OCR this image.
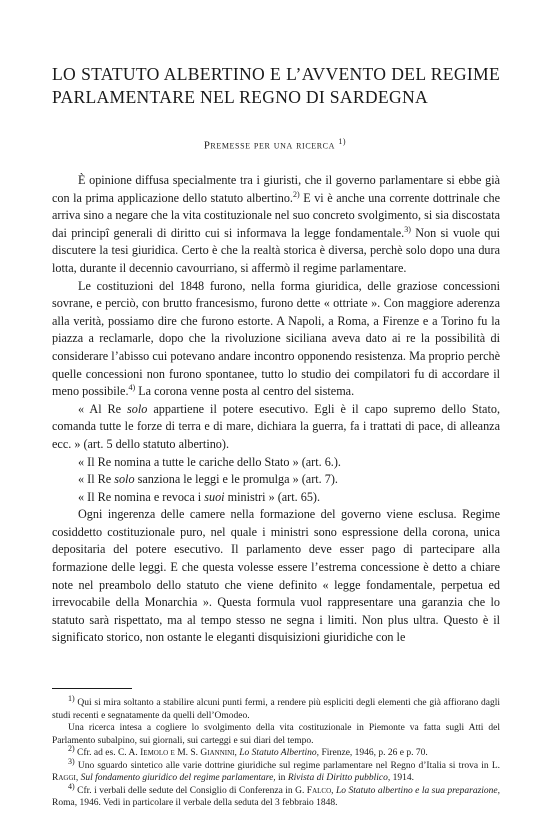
LO STATUTO ALBERTINO E L’AVVENTO DEL REGIME PARLAMENTARE NEL REGNO DI SARDEGNA
Premesse per una ricerca $^{1)}$

È opinione diffusa specialmente tra i giuristi, che il governo parlamentare si ebbe già con la prima applicazione dello statuto albertino.$^{2)}$ E vi è anche una corrente dottrinale che arriva sino a negare che la vita costituzionale nel suo concreto svolgimento, si sia discostata dai principî generali di diritto cui si informava la legge fondamentale.$^{3)}$ Non si vuole qui discutere la tesi giuridica. Certo è che la realtà storica è diversa, perchè solo dopo una dura lotta, durante il decennio cavourriano, si affermò il regime parlamentare.

Le costituzioni del 1848 furono, nella forma giuridica, delle graziose concessioni sovrane, e perciò, con brutto francesismo, furono dette « ottriate ». Con maggiore aderenza alla verità, possiamo dire che furono estorte. A Napoli, a Roma, a Firenze e a Torino fu la piazza a reclamarle, dopo che la rivoluzione siciliana aveva dato ai re la possibilità di considerare l’abisso cui potevano andare incontro opponendo resistenza. Ma proprio perchè quelle concessioni non furono spontanee, tutto lo studio dei compilatori fu di accordare il meno possibile.$^{4)}$ La corona venne posta al centro del sistema.

« Al Re solo appartiene il potere esecutivo. Egli è il capo supremo dello Stato, comanda tutte le forze di terra e di mare, dichiara la guerra, fa i trattati di pace, di alleanza ecc. » (art. 5 dello statuto albertino).

« Il Re nomina a tutte le cariche dello Stato » (art. 6.).

« Il Re solo sanziona le leggi e le promulga » (art. 7).

« Il Re nomina e revoca i suoi ministri » (art. 65).

Ogni ingerenza delle camere nella formazione del governo viene esclusa. Regime cosiddetto costituzionale puro, nel quale i ministri sono espressione della corona, unica depositaria del potere esecutivo. Il parlamento deve esser pago di partecipare alla formazione delle leggi. E che questa volesse essere l’estrema concessione è detto a chiare note nel preambolo dello statuto che viene definito « legge fondamentale, perpetua ed irrevocabile della Monarchia ». Questa formula vuol rappresentare una garanzia che lo statuto sarà rispettato, ma al tempo stesso ne segna i limiti. Non plus ultra. Questo è il significato storico, non ostante le eleganti disquisizioni giuridiche con le

$^{1)}$ Qui si mira soltanto a stabilire alcuni punti fermi, a rendere più espliciti degli elementi che già affiorano dagli studi recenti e segnatamente da quelli dell’Omodeo.

Una ricerca intesa a cogliere lo svolgimento della vita costituzionale in Piemonte va fatta sugli Atti del Parlamento subalpino, sui giornali, sui carteggi e sui diari del tempo.

$^{2)}$ Cfr. ad es. C. A. Iemolo e M. S. Giannini, Lo Statuto Albertino, Firenze, 1946, p. 26 e p. 70.

$^{3)}$ Uno sguardo sintetico alle varie dottrine giuridiche sul regime parlamentare nel Regno d’Italia si trova in L. Raggi, Sul fondamento giuridico del regime parlamentare, in Rivista di Diritto pubblico, 1914.

$^{4)}$ Cfr. i verbali delle sedute del Consiglio di Conferenza in G. Falco, Lo Statuto albertino e la sua preparazione, Roma, 1946. Vedi in particolare il verbale della seduta del 3 febbraio 1848.
